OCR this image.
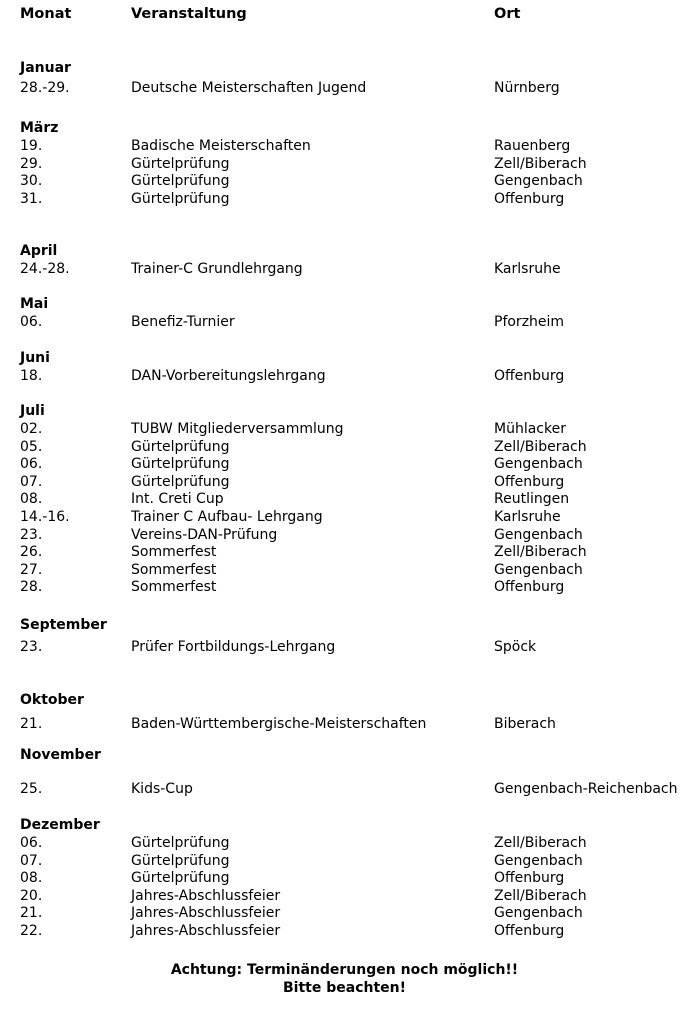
Monat	Veranstaltung	Ort
Januar
28.-29.	Deutsche Meisterschaften Jugend	Nürnberg
März
19.	Badische Meisterschaften	Rauenberg
29.	Gürtelprüfung	Zell/Biberach
30.	Gürtelprüfung	Gengenbach
31.	Gürtelprüfung	Offenburg
April
24.-28.	Trainer-C Grundlehrgang	Karlsruhe
Mai
06.	Benefiz-Turnier	Pforzheim
Juni
18.	DAN-Vorbereitungslehrgang	Offenburg
Juli
02.	TUBW Mitgliederversammlung	Mühlacker
05.	Gürtelprüfung	Zell/Biberach
06.	Gürtelprüfung	Gengenbach
07.	Gürtelprüfung	Offenburg
08.	Int. Creti Cup	Reutlingen
14.-16.	Trainer C Aufbau- Lehrgang	Karlsruhe
23.	Vereins-DAN-Prüfung	Gengenbach
26.	Sommerfest	Zell/Biberach
27.	Sommerfest	Gengenbach
28.	Sommerfest	Offenburg
September
23.	Prüfer Fortbildungs-Lehrgang	Spöck
Oktober
21.	Baden-Württembergische-Meisterschaften	Biberach
November
25.	Kids-Cup	Gengenbach-Reichenbach
Dezember
06.	Gürtelprüfung	Zell/Biberach
07.	Gürtelprüfung	Gengenbach
08.	Gürtelprüfung	Offenburg
20.	Jahres-Abschlussfeier	Zell/Biberach
21.	Jahres-Abschlussfeier	Gengenbach
22.	Jahres-Abschlussfeier	Offenburg
Achtung: Terminänderungen noch möglich!!
Bitte beachten!
